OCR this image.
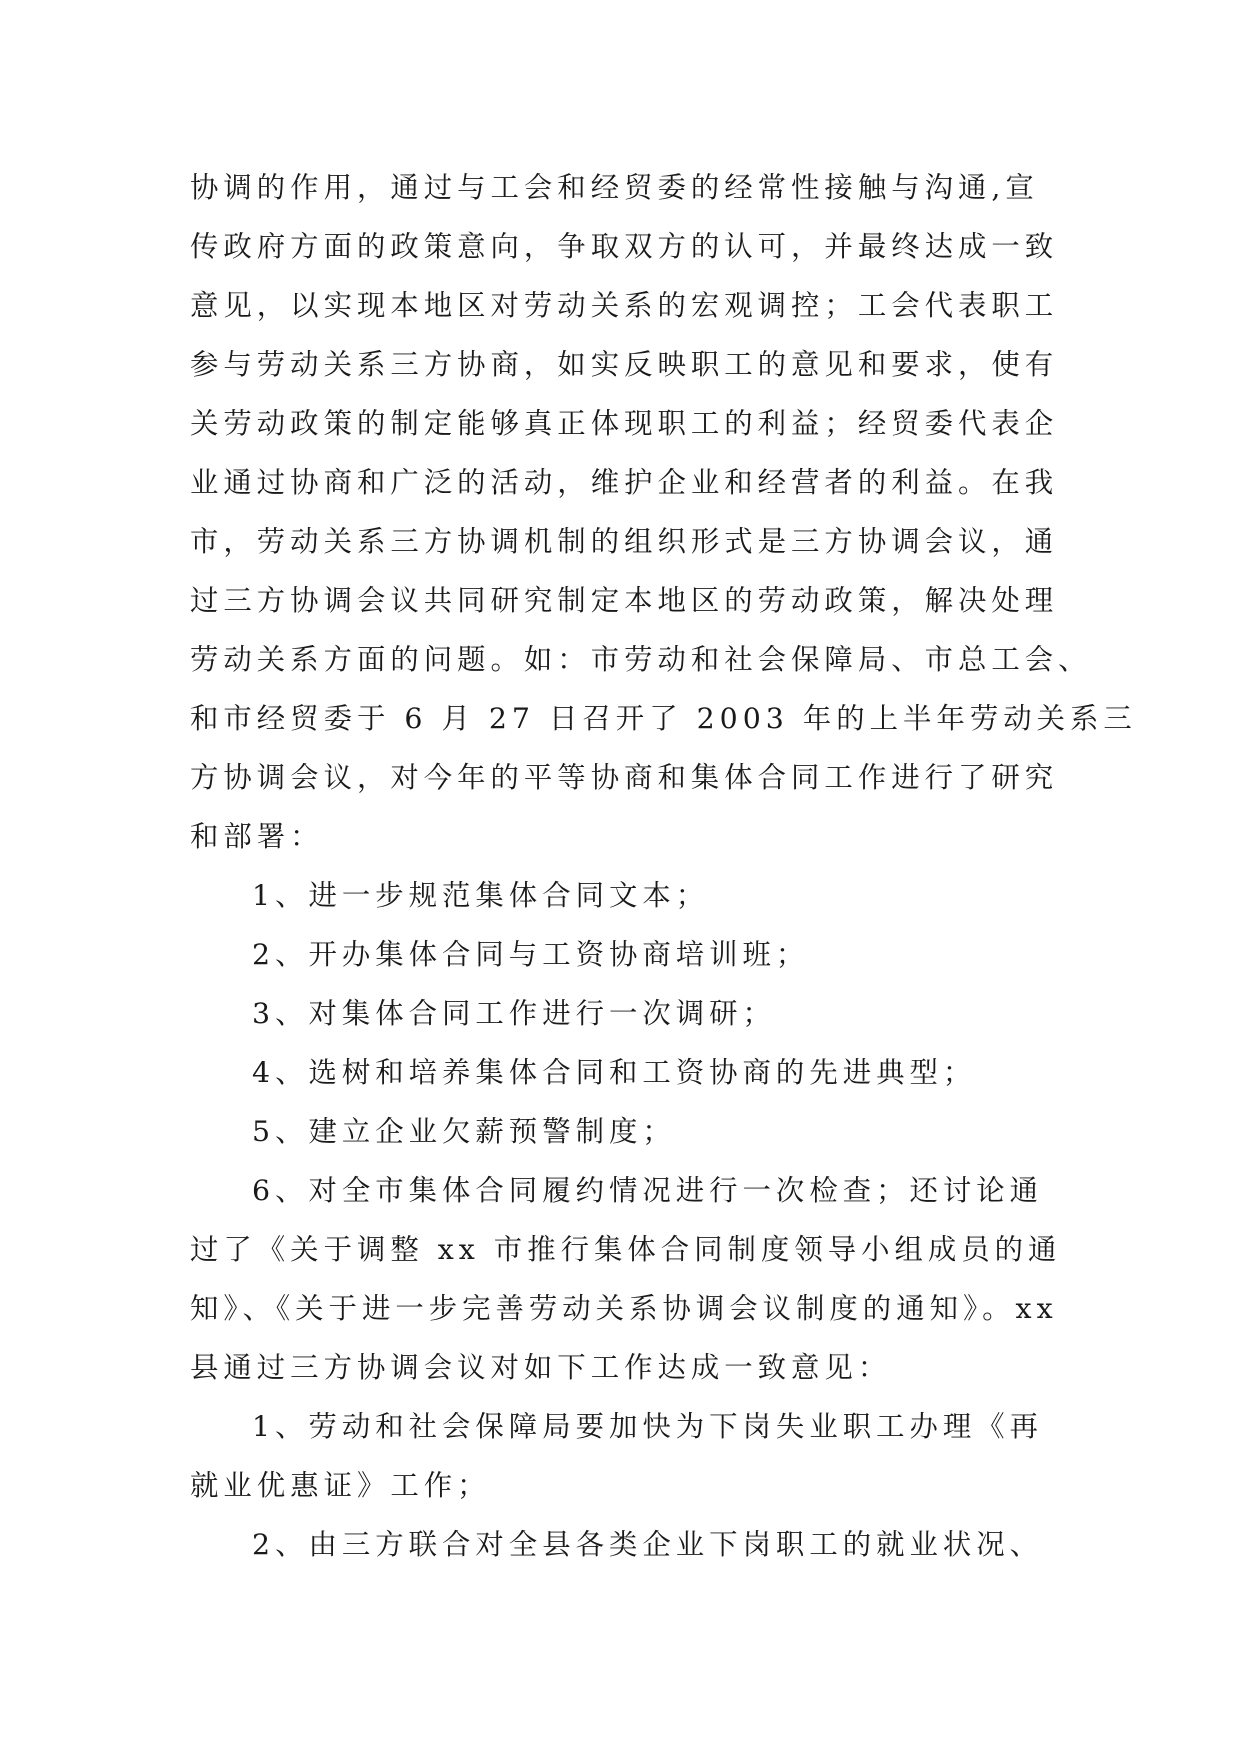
协调的作用，通过与工会和经贸委的经常性接触与沟通,宣
传政府方面的政策意向，争取双方的认可，并最终达成一致
意见，以实现本地区对劳动关系的宏观调控；工会代表职工
参与劳动关系三方协商，如实反映职工的意见和要求，使有
关劳动政策的制定能够真正体现职工的利益；经贸委代表企
业通过协商和广泛的活动，维护企业和经营者的利益。在我
市，劳动关系三方协调机制的组织形式是三方协调会议，通
过三方协调会议共同研究制定本地区的劳动政策，解决处理
劳动关系方面的问题。如：市劳动和社会保障局、市总工会、
和市经贸委于 6 月 27 日召开了 2003 年的上半年劳动关系三
方协调会议，对今年的平等协商和集体合同工作进行了研究
和部署：
1、进一步规范集体合同文本；
2、开办集体合同与工资协商培训班；
3、对集体合同工作进行一次调研；
4、选树和培养集体合同和工资协商的先进典型；
5、建立企业欠薪预警制度；
6、对全市集体合同履约情况进行一次检查；还讨论通
过了《关于调整 xx 市推行集体合同制度领导小组成员的通
知》、《关于进一步完善劳动关系协调会议制度的通知》。xx
县通过三方协调会议对如下工作达成一致意见：
1、劳动和社会保障局要加快为下岗失业职工办理《再
就业优惠证》工作；
2、由三方联合对全县各类企业下岗职工的就业状况、
